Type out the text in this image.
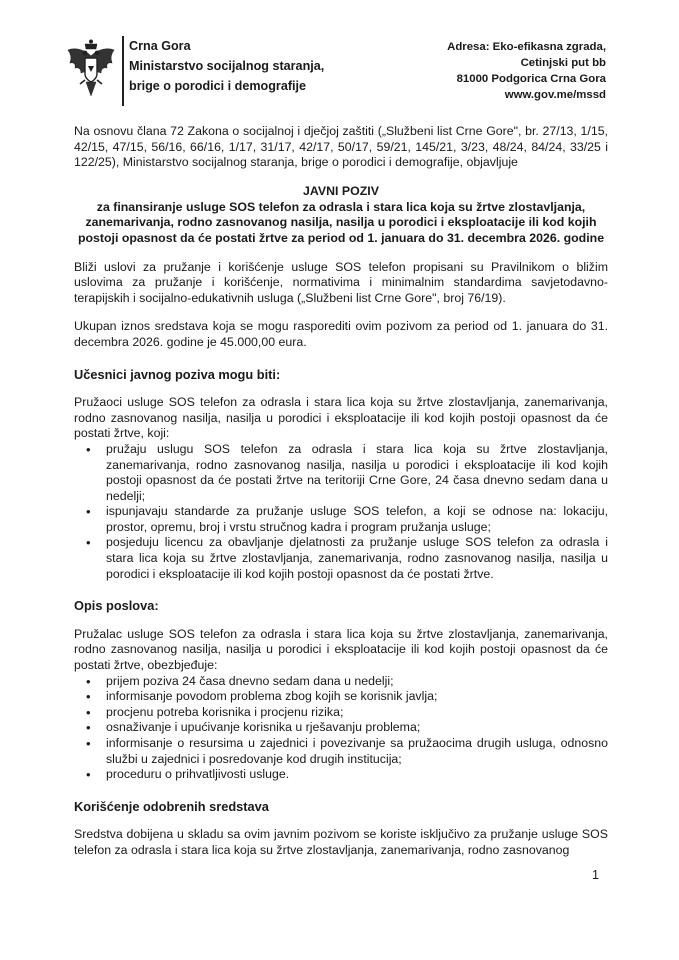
Crna Gora
Ministarstvo socijalnog staranja,
brige o porodici i demografije
Adresa: Eko-efikasna zgrada,
Cetinjski put bb
81000 Podgorica Crna Gora
www.gov.me/mssd

Na osnovu člana 72 Zakona o socijalnoj i dječjoj zaštiti („Službeni list Crne Gore", br. 27/13, 1/15, 42/15, 47/15, 56/16, 66/16, 1/17, 31/17, 42/17, 50/17, 59/21, 145/21, 3/23, 48/24, 84/24, 33/25 i 122/25), Ministarstvo socijalnog staranja, brige o porodici i demografije, objavljuje

JAVNI POZIV
za finansiranje usluge SOS telefon za odrasla i stara lica koja su žrtve zlostavljanja, zanemarivanja, rodno zasnovanog nasilja, nasilja u porodici i eksploatacije ili kod kojih postoji opasnost da će postati žrtve za period od 1. januara do 31. decembra 2026. godine

Bliži uslovi za pružanje i korišćenje usluge SOS telefon propisani su Pravilnikom o bližim uslovima za pružanje i korišćenje, normativima i minimalnim standardima savjetodavno-terapijskih i socijalno-edukativnih usluga („Službeni list Crne Gore", broj 76/19).

Ukupan iznos sredstava koja se mogu rasporediti ovim pozivom za period od 1. januara do 31. decembra 2026. godine je 45.000,00 eura.

Učesnici javnog poziva mogu biti:

Pružaoci usluge SOS telefon za odrasla i stara lica koja su žrtve zlostavljanja, zanemarivanja, rodno zasnovanog nasilja, nasilja u porodici i eksploatacije ili kod kojih postoji opasnost da će postati žrtve, koji:

• pružaju uslugu SOS telefon za odrasla i stara lica koja su žrtve zlostavljanja, zanemarivanja, rodno zasnovanog nasilja, nasilja u porodici i eksploatacije ili kod kojih postoji opasnost da će postati žrtve na teritoriji Crne Gore, 24 časa dnevno sedam dana u nedelji;
• ispunjavaju standarde za pružanje usluge SOS telefon, a koji se odnose na: lokaciju, prostor, opremu, broj i vrstu stručnog kadra i program pružanja usluge;
• posjeduju licencu za obavljanje djelatnosti za pružanje usluge SOS telefon za odrasla i stara lica koja su žrtve zlostavljanja, zanemarivanja, rodno zasnovanog nasilja, nasilja u porodici i eksploatacije ili kod kojih postoji opasnost da će postati žrtve.
Opis poslova:

Pružalac usluge SOS telefon za odrasla i stara lica koja su žrtve zlostavljanja, zanemarivanja, rodno zasnovanog nasilja, nasilja u porodici i eksploatacije ili kod kojih postoji opasnost da će postati žrtve, obezbjeđuje:

• prijem poziva 24 časa dnevno sedam dana u nedelji;
• informisanje povodom problema zbog kojih se korisnik javlja;
• procjenu potreba korisnika i procjenu rizika;
• osnaživanje i upućivanje korisnika u rješavanju problema;
• informisanje o resursima u zajednici i povezivanje sa pružaocima drugih usluga, odnosno službi u zajednici i posredovanje kod drugih institucija;
• proceduru o prihvatljivosti usluge.
Korišćenje odobrenih sredstava

Sredstva dobijena u skladu sa ovim javnim pozivom se koriste isključivo za pružanje usluge SOS telefon za odrasla i stara lica koja su žrtve zlostavljanja, zanemarivanja, rodno zasnovanog

1
